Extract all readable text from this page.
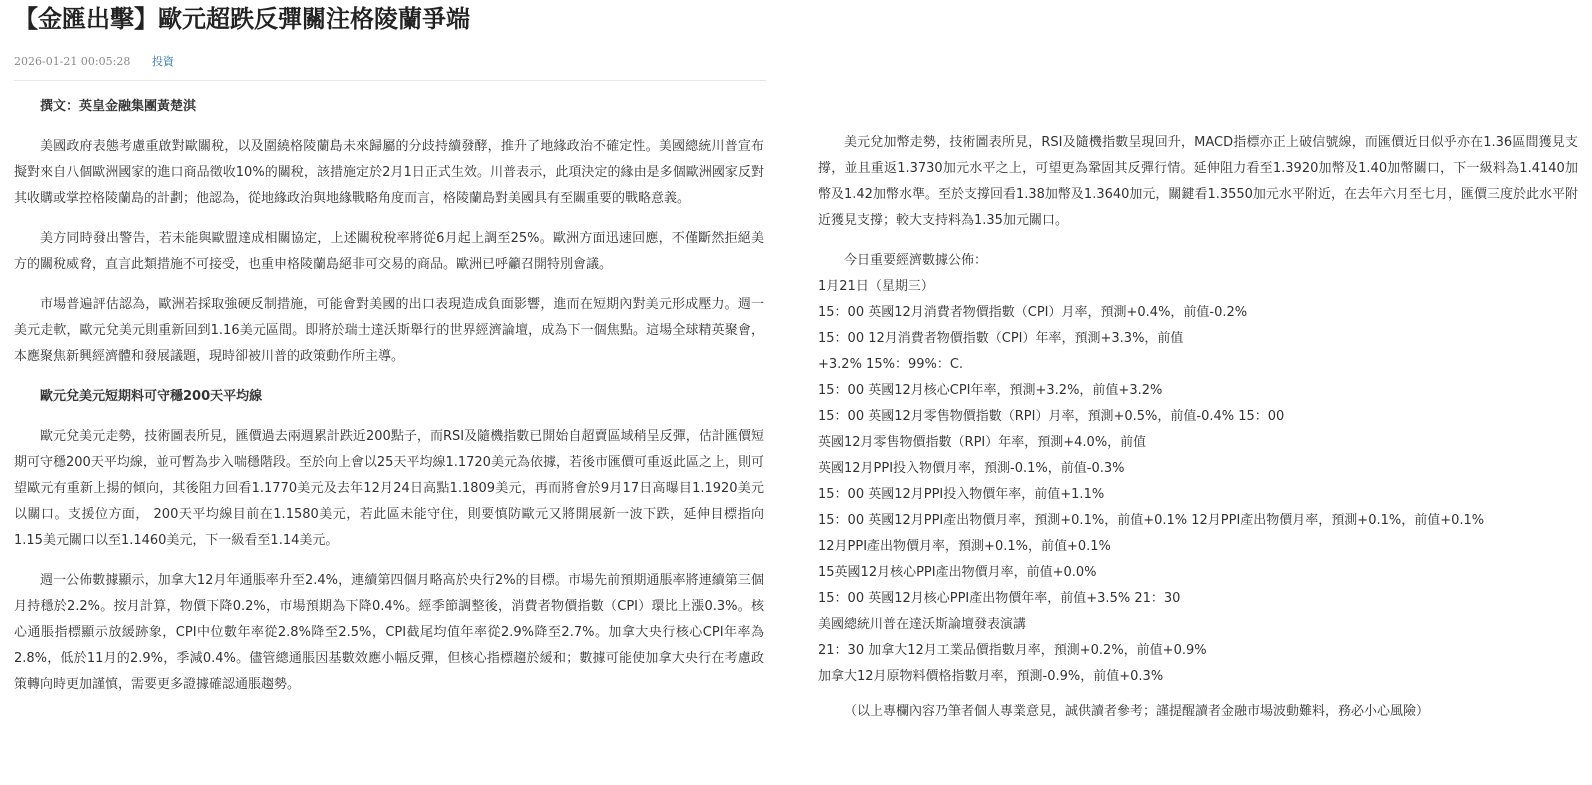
【金匯出擊】歐元超跌反彈關注格陵蘭爭端
2026-01-21 00:05:28 投資

撰文：英皇金融集團黃楚淇

美國政府表態考慮重啟對歐關稅，以及圍繞格陵蘭島未來歸屬的分歧持續發酵，推升了地緣政治不確定性。美國總統川普宣布擬對來自八個歐洲國家的進口商品徵收10%的關稅，該措施定於2月1日正式生效。川普表示，此項決定的緣由是多個歐洲國家反對其收購或掌控格陵蘭島的計劃；他認為，從地緣政治與地緣戰略角度而言，格陵蘭島對美國具有至關重要的戰略意義。

美方同時發出警告，若未能與歐盟達成相關協定，上述關稅稅率將從6月起上調至25%。歐洲方面迅速回應，不僅斷然拒絕美方的關稅威脅，直言此類措施不可接受，也重申格陵蘭島絕非可交易的商品。歐洲已呼籲召開特別會議。

市場普遍評估認為，歐洲若採取強硬反制措施，可能會對美國的出口表現造成負面影響，進而在短期內對美元形成壓力。週一美元走軟，歐元兌美元則重新回到1.16美元區間。即將於瑞士達沃斯舉行的世界經濟論壇，成為下一個焦點。這場全球精英聚會，本應聚焦新興經濟體和發展議題，現時卻被川普的政策動作所主導。

歐元兌美元短期料可守穩200天平均線

歐元兌美元走勢，技術圖表所見，匯價過去兩週累計跌近200點子，而RSI及隨機指數已開始自超賣區域稍呈反彈，估計匯價短期可守穩200天平均線，並可暫為步入喘穩階段。至於向上會以25天平均線1.1720美元為依據，若後市匯價可重返此區之上，則可望歐元有重新上揚的傾向，其後阻力回看1.1770美元及去年12月24日高點1.1809美元，再而將會於9月17日高曝目1.1920美元以關口。支援位方面， 200天平均線目前在1.1580美元，若此區未能守住，則要慎防歐元又將開展新一波下跌，延伸目標指向1.15美元關口以至1.1460美元，下一級看至1.14美元。

週一公佈數據顯示，加拿大12月年通脹率升至2.4%，連續第四個月略高於央行2%的目標。市場先前預期通脹率將連續第三個月持穩於2.2%。按月計算，物價下降0.2%，市場預期為下降0.4%。經季節調整後，消費者物價指數（CPI）環比上漲0.3%。核心通脹指標顯示放緩跡象，CPI中位數年率從2.8%降至2.5%，CPI截尾均值年率從2.9%降至2.7%。加拿大央行核心CPI年率為2.8%，低於11月的2.9%，季減0.4%。儘管總通脹因基數效應小幅反彈，但核心指標趨於緩和；數據可能使加拿大央行在考慮政策轉向時更加謹慎，需要更多證據確認通脹趨勢。

美元兌加幣走勢，技術圖表所見，RSI及隨機指數呈現回升，MACD指標亦正上破信號線，而匯價近日似乎亦在1.36區間獲見支撐，並且重返1.3730加元水平之上，可望更為鞏固其反彈行情。延伸阻力看至1.3920加幣及1.40加幣關口，下一級料為1.4140加幣及1.42加幣水準。至於支撐回看1.38加幣及1.3640加元，關鍵看1.3550加元水平附近，在去年六月至七月，匯價三度於此水平附近獲見支撐；較大支持料為1.35加元關口。

今日重要經濟數據公佈：
1月21日（星期三）
15：00 英國12月消費者物價指數（CPI）月率，預測+0.4%，前值-0.2%
15：00 12月消費者物價指數（CPI）年率，預測+3.3%，前值
+3.2% 15%：99%：C.
15：00 英國12月核心CPI年率，預測+3.2%，前值+3.2%
15：00 英國12月零售物價指數（RPI）月率，預測+0.5%，前值-0.4% 15：00
英國12月零售物價指數（RPI）年率，預測+4.0%，前值
英國12月PPI投入物價月率，預測-0.1%，前值-0.3%
15：00 英國12月PPI投入物價年率，前值+1.1%
15：00 英國12月PPI產出物價月率，預測+0.1%，前值+0.1% 12月PPI產出物價月率，預測+0.1%，前值+0.1%
12月PPI產出物價月率，預測+0.1%，前值+0.1%
15英國12月核心PPI產出物價月率，前值+0.0%
15：00 英國12月核心PPI產出物價年率，前值+3.5% 21：30
美國總統川普在達沃斯論壇發表演講
21：30 加拿大12月工業品價指數月率，預測+0.2%，前值+0.9%
加拿大12月原物料價格指數月率，預測-0.9%，前值+0.3%
（以上專欄內容乃筆者個人專業意見，誠供讀者參考；謹提醒讀者金融市場波動難料，務必小心風險）
